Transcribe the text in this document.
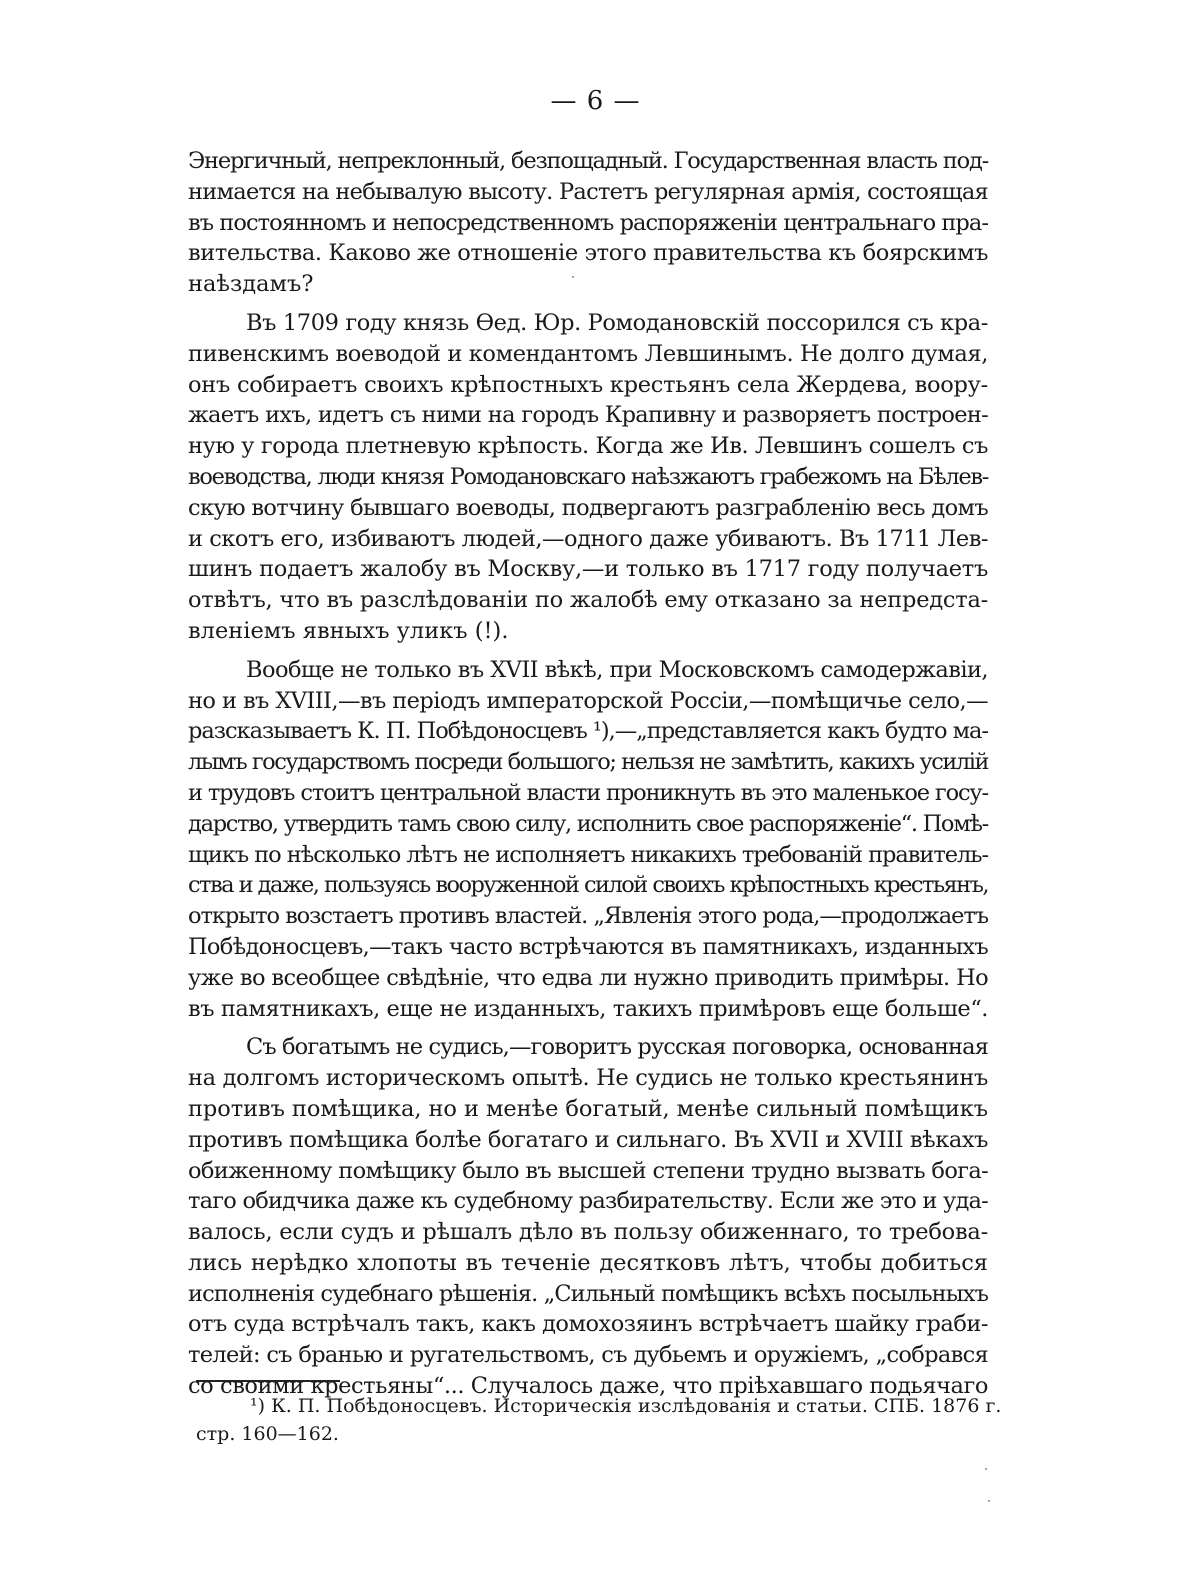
— 6 —
Энергичный, непреклонный, безпощадный. Государственная власть под-
нимается на небывалую высоту. Растетъ регулярная армія, состоящая
въ постоянномъ и непосредственномъ распоряженіи центральнаго пра-
вительства. Каково же отношеніе этого правительства къ боярскимъ
наѣздамъ?
Въ 1709 году князь Ѳед. Юр. Ромодановскій поссорился съ кра-
пивенскимъ воеводой и комендантомъ Левшинымъ. Не долго думая,
онъ собираетъ своихъ крѣпостныхъ крестьянъ села Жердева, воору-
жаетъ ихъ, идетъ съ ними на городъ Крапивну и разворяетъ построен-
ную у города плетневую крѣпость. Когда же Ив. Левшинъ сошелъ съ
воеводства, люди князя Ромодановскаго наѣзжаютъ грабежомъ на Бѣлев-
скую вотчину бывшаго воеводы, подвергаютъ разграбленію весь домъ
и скотъ его, избиваютъ людей,—одного даже убиваютъ. Въ 1711 Лев-
шинъ подаетъ жалобу въ Москву,—и только въ 1717 году получаетъ
отвѣтъ, что въ разслѣдованіи по жалобѣ ему отказано за непредста-
вленіемъ явныхъ уликъ (!).
Вообще не только въ XVII вѣкѣ, при Московскомъ самодержавіи,
но и въ XVIII,—въ періодъ императорской Россіи,—помѣщичье село,—
разсказываетъ К. П. Побѣдоносцевъ ¹),—„представляется какъ будто ма-
лымъ государствомъ посреди большого; нельзя не замѣтить, какихъ усилій
и трудовъ стоитъ центральной власти проникнуть въ это маленькое госу-
дарство, утвердить тамъ свою силу, исполнить свое распоряженіе“. Помѣ-
щикъ по нѣсколько лѣтъ не исполняетъ никакихъ требованій правитель-
ства и даже, пользуясь вооруженной силой своихъ крѣпостныхъ крестьянъ,
открыто возстаетъ противъ властей. „Явленія этого рода,—продолжаетъ
Побѣдоносцевъ,—такъ часто встрѣчаются въ памятникахъ, изданныхъ
уже во всеобщее свѣдѣніе, что едва ли нужно приводить примѣры. Но
въ памятникахъ, еще не изданныхъ, такихъ примѣровъ еще больше“.
Съ богатымъ не судись,—говоритъ русская поговорка, основанная
на долгомъ историческомъ опытѣ. Не судись не только крестьянинъ
противъ помѣщика, но и менѣе богатый, менѣе сильный помѣщикъ
противъ помѣщика болѣе богатаго и сильнаго. Въ XVII и XVIII вѣкахъ
обиженному помѣщику было въ высшей степени трудно вызвать бога-
таго обидчика даже къ судебному разбирательству. Если же это и уда-
валось, если судъ и рѣшалъ дѣло въ пользу обиженнаго, то требова-
лись нерѣдко хлопоты въ теченіе десятковъ лѣтъ, чтобы добиться
исполненія судебнаго рѣшенія. „Сильный помѣщикъ всѣхъ посыльныхъ
отъ суда встрѣчалъ такъ, какъ домохозяинъ встрѣчаетъ шайку граби-
телей: съ бранью и ругательствомъ, съ дубьемъ и оружіемъ, „собрався
со своими крестьяны“... Случалось даже, что пріѣхавшаго подьячаго
¹) К. П. Побѣдоносцевъ. Историческія изслѣдованія и статьи. СПБ. 1876 г.
стр. 160—162.
